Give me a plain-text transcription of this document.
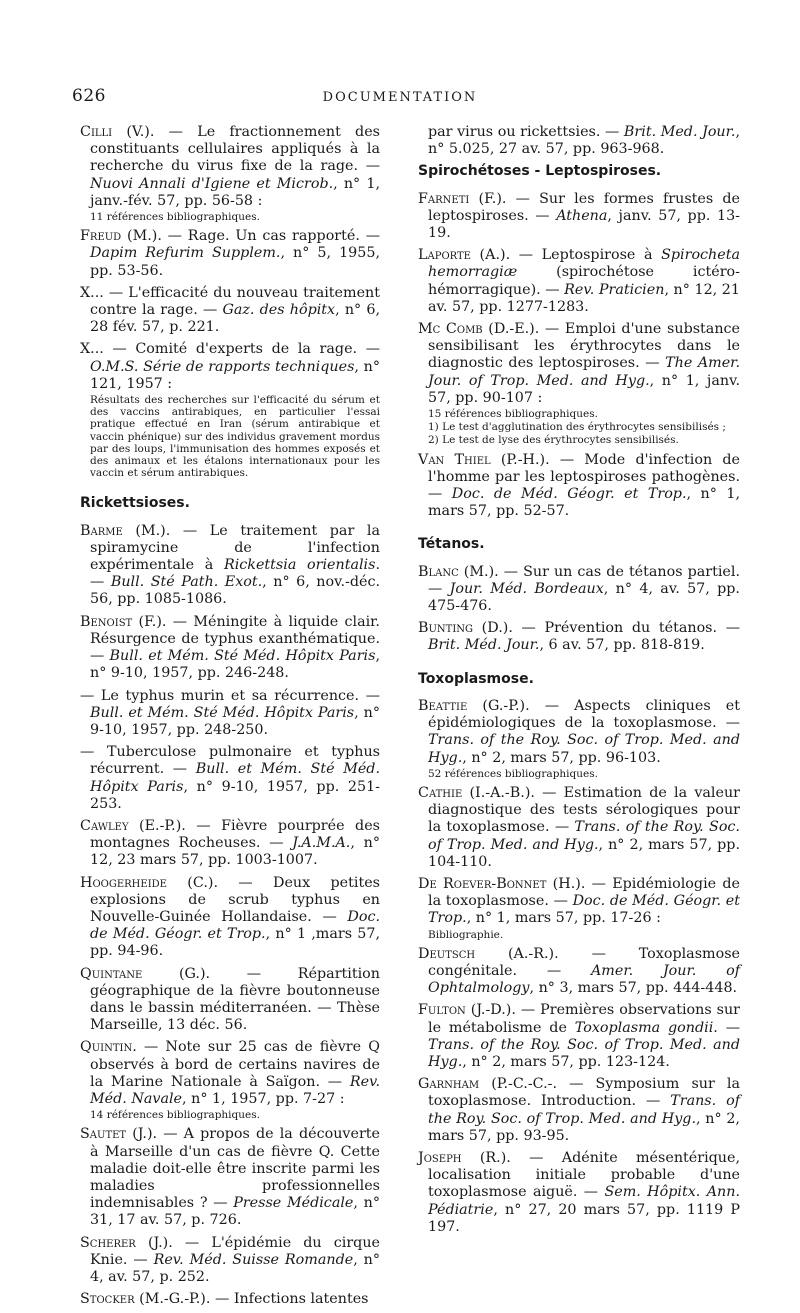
626	DOCUMENTATION

Cilli (V.). — Le fractionnement des constituants cellulaires appliqués à la recherche du virus fixe de la rage. — Nuovi Annali d'Igiene et Microb., n° 1, janv.-fév. 57, pp. 56-58 :
11 références bibliographiques.

Freud (M.). — Rage. Un cas rapporté. — Dapim Refurim Supplem., n° 5, 1955, pp. 53-56.

X... — L'efficacité du nouveau traitement contre la rage. — Gaz. des hôpitx, n° 6, 28 fév. 57, p. 221.

X... — Comité d'experts de la rage. — O.M.S. Série de rapports techniques, n° 121, 1957 :
Résultats des recherches sur l'efficacité du sérum et des vaccins antirabiques, en particulier l'essai pratique effectué en Iran (sérum antirabique et vaccin phénique) sur des individus gravement mordus par des loups, l'immunisation des hommes exposés et des animaux et les étalons internationaux pour les vaccin et sérum antirabiques.

Rickettsioses.

Barme (M.). — Le traitement par la spiramycine de l'infection expérimentale à Rickettsia orientalis. — Bull. Sté Path. Exot., n° 6, nov.-déc. 56, pp. 1085-1086.

Benoist (F.). — Méningite à liquide clair. Résurgence de typhus exanthématique. — Bull. et Mém. Sté Méd. Hôpitx Paris, n° 9-10, 1957, pp. 246-248.

— Le typhus murin et sa récurrence. — Bull. et Mém. Sté Méd. Hôpitx Paris, n° 9-10, 1957, pp. 248-250.

— Tuberculose pulmonaire et typhus récurrent. — Bull. et Mém. Sté Méd. Hôpitx Paris, n° 9-10, 1957, pp. 251-253.

Cawley (E.-P.). — Fièvre pourprée des montagnes Rocheuses. — J.A.M.A., n° 12, 23 mars 57, pp. 1003-1007.

Hoogerheide (C.). — Deux petites explosions de scrub typhus en Nouvelle-Guinée Hollandaise. — Doc. de Méd. Géogr. et Trop., n° 1 ,mars 57, pp. 94-96.

Quintane (G.). — Répartition géographique de la fièvre boutonneuse dans le bassin méditerranéen. — Thèse Marseille, 13 déc. 56.

Quintin. — Note sur 25 cas de fièvre Q observés à bord de certains navires de la Marine Nationale à Saïgon. — Rev. Méd. Navale, n° 1, 1957, pp. 7-27 :
14 références bibliographiques.

Sautet (J.). — A propos de la découverte à Marseille d'un cas de fièvre Q. Cette maladie doit-elle être inscrite parmi les maladies professionnelles indemnisables ? — Presse Médicale, n° 31, 17 av. 57, p. 726.

Scherer (J.). — L'épidémie du cirque Knie. — Rev. Méd. Suisse Romande, n° 4, av. 57, p. 252.

Stocker (M.-G.-P.). — Infections latentes

par virus ou rickettsies. — Brit. Med. Jour., n° 5.025, 27 av. 57, pp. 963-968.

Spirochétoses - Leptospiroses.

Farneti (F.). — Sur les formes frustes de leptospiroses. — Athena, janv. 57, pp. 13-19.

Laporte (A.). — Leptospirose à Spirocheta hemorragiæ (spirochétose ictéro-hémorragique). — Rev. Praticien, n° 12, 21 av. 57, pp. 1277-1283.

Mc Comb (D.-E.). — Emploi d'une substance sensibilisant les érythrocytes dans le diagnostic des leptospiroses. — The Amer. Jour. of Trop. Med. and Hyg., n° 1, janv. 57, pp. 90-107 :
15 références bibliographiques.
1) Le test d'agglutination des érythrocytes sensibilisés ;
2) Le test de lyse des érythrocytes sensibilisés.

Van Thiel (P.-H.). — Mode d'infection de l'homme par les leptospiroses pathogènes. — Doc. de Méd. Géogr. et Trop., n° 1, mars 57, pp. 52-57.

Tétanos.

Blanc (M.). — Sur un cas de tétanos partiel. — Jour. Méd. Bordeaux, n° 4, av. 57, pp. 475-476.

Bunting (D.). — Prévention du tétanos. — Brit. Méd. Jour., 6 av. 57, pp. 818-819.

Toxoplasmose.

Beattie (G.-P.). — Aspects cliniques et épidémiologiques de la toxoplasmose. — Trans. of the Roy. Soc. of Trop. Med. and Hyg., n° 2, mars 57, pp. 96-103.
52 références bibliographiques.

Cathie (I.-A.-B.). — Estimation de la valeur diagnostique des tests sérologiques pour la toxoplasmose. — Trans. of the Roy. Soc. of Trop. Med. and Hyg., n° 2, mars 57, pp. 104-110.

De Roever-Bonnet (H.). — Epidémiologie de la toxoplasmose. — Doc. de Méd. Géogr. et Trop., n° 1, mars 57, pp. 17-26 :
Bibliographie.

Deutsch (A.-R.). — Toxoplasmose congénitale. — Amer. Jour. of Ophtalmology, n° 3, mars 57, pp. 444-448.

Fulton (J.-D.). — Premières observations sur le métabolisme de Toxoplasma gondii. — Trans. of the Roy. Soc. of Trop. Med. and Hyg., n° 2, mars 57, pp. 123-124.

Garnham (P.-C.-C.-. — Symposium sur la toxoplasmose. Introduction. — Trans. of the Roy. Soc. of Trop. Med. and Hyg., n° 2, mars 57, pp. 93-95.

Joseph (R.). — Adénite mésentérique, localisation initiale probable d'une toxoplasmose aiguë. — Sem. Hôpitx. Ann. Pédiatrie, n° 27, 20 mars 57, pp. 1119 P 197.
